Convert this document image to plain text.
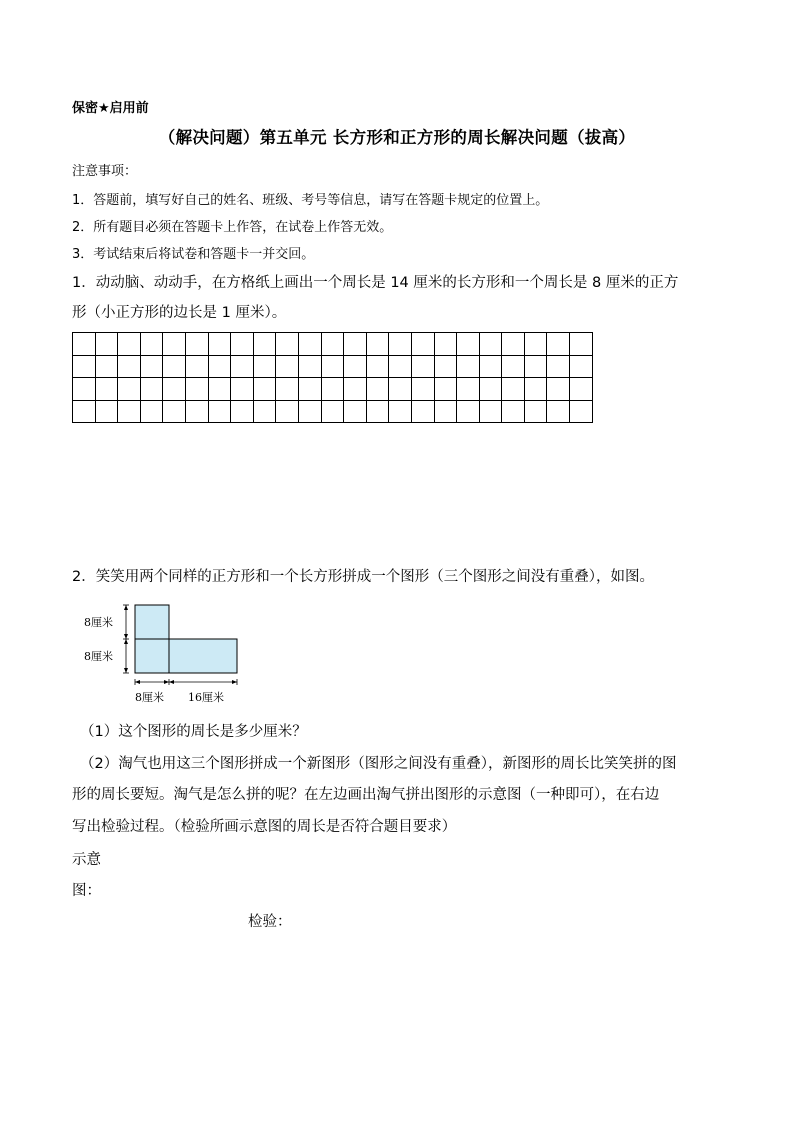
保密★启用前
（解决问题）第五单元 长方形和正方形的周长解决问题（拔高）
注意事项：
1．答题前，填写好自己的姓名、班级、考号等信息，请写在答题卡规定的位置上。
2．所有题目必须在答题卡上作答，在试卷上作答无效。
3．考试结束后将试卷和答题卡一并交回。
1．动动脑、动动手，在方格纸上画出一个周长是 14 厘米的长方形和一个周长是 8 厘米的正方
形（小正方形的边长是 1 厘米）。

2．笑笑用两个同样的正方形和一个长方形拼成一个图形（三个图形之间没有重叠），如图。
8厘米
8厘米
8厘米 16厘米
（1）这个图形的周长是多少厘米？
（2）淘气也用这三个图形拼成一个新图形（图形之间没有重叠），新图形的周长比笑笑拼的图
形的周长要短。淘气是怎么拼的呢？在左边画出淘气拼出图形的示意图（一种即可），在右边
写出检验过程。（检验所画示意图的周长是否符合题目要求）
示意
图：
检验：
